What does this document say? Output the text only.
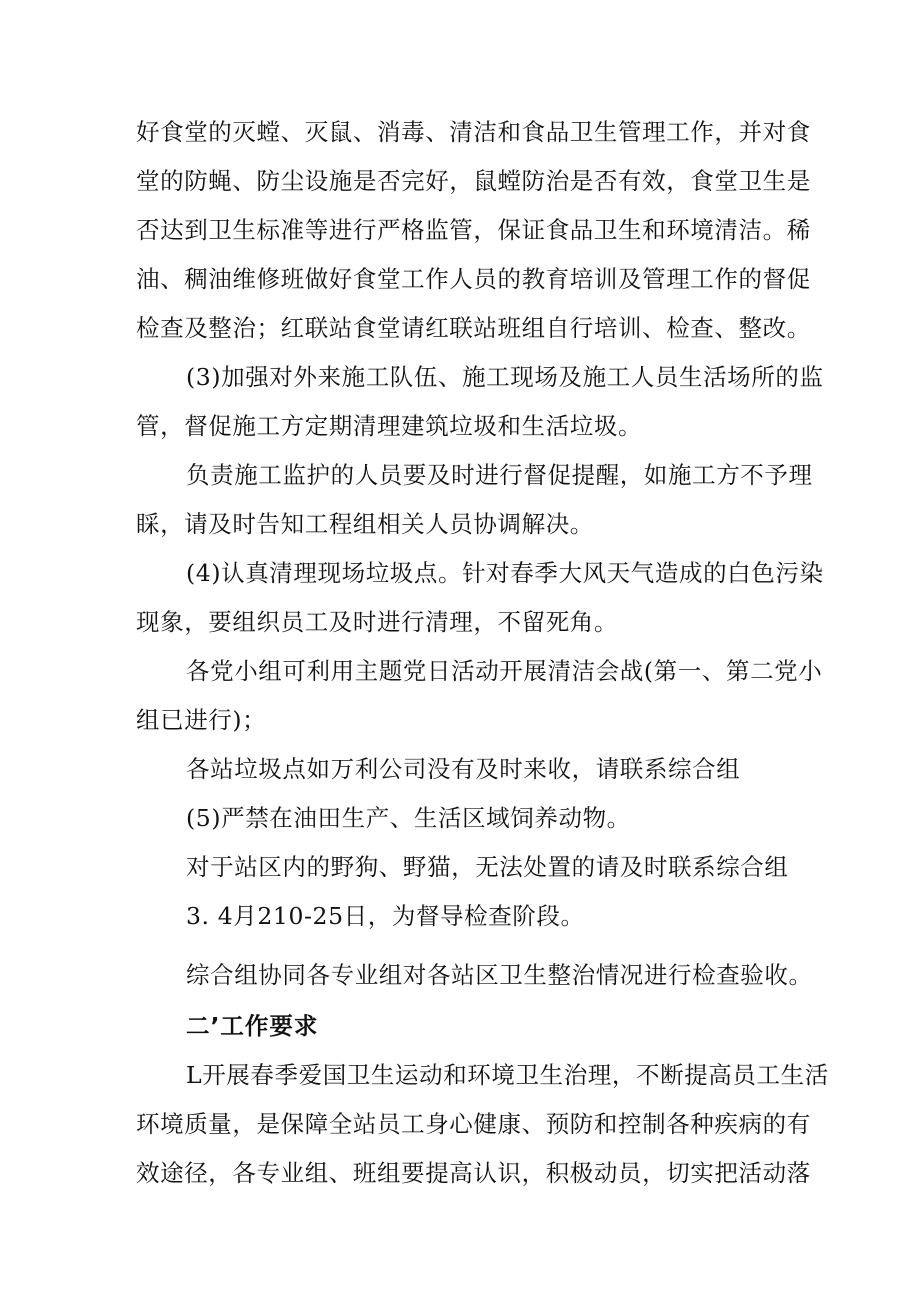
好食堂的灭螳、灭鼠、消毒、清洁和食品卫生管理工作，并对食
堂的防蝇、防尘设施是否完好，鼠螳防治是否有效，食堂卫生是
否达到卫生标准等进行严格监管，保证食品卫生和环境清洁。稀
油、稠油维修班做好食堂工作人员的教育培训及管理工作的督促
检查及整治；红联站食堂请红联站班组自行培训、检查、整改。
(3)加强对外来施工队伍、施工现场及施工人员生活场所的监
管，督促施工方定期清理建筑垃圾和生活垃圾。
负责施工监护的人员要及时进行督促提醒，如施工方不予理
睬，请及时告知工程组相关人员协调解决。
(4)认真清理现场垃圾点。针对春季大风天气造成的白色污染
现象，要组织员工及时进行清理，不留死角。
各党小组可利用主题党日活动开展清洁会战(第一、第二党小
组已进行)；
各站垃圾点如万利公司没有及时来收，请联系综合组
(5)严禁在油田生产、生活区域饲养动物。
对于站区内的野狗、野猫，无法处置的请及时联系综合组
3. 4月210-25日，为督导检查阶段。
综合组协同各专业组对各站区卫生整治情况进行检查验收。
二’工作要求
L开展春季爱国卫生运动和环境卫生治理，不断提高员工生活
环境质量，是保障全站员工身心健康、预防和控制各种疾病的有
效途径，各专业组、班组要提高认识，积极动员，切实把活动落
